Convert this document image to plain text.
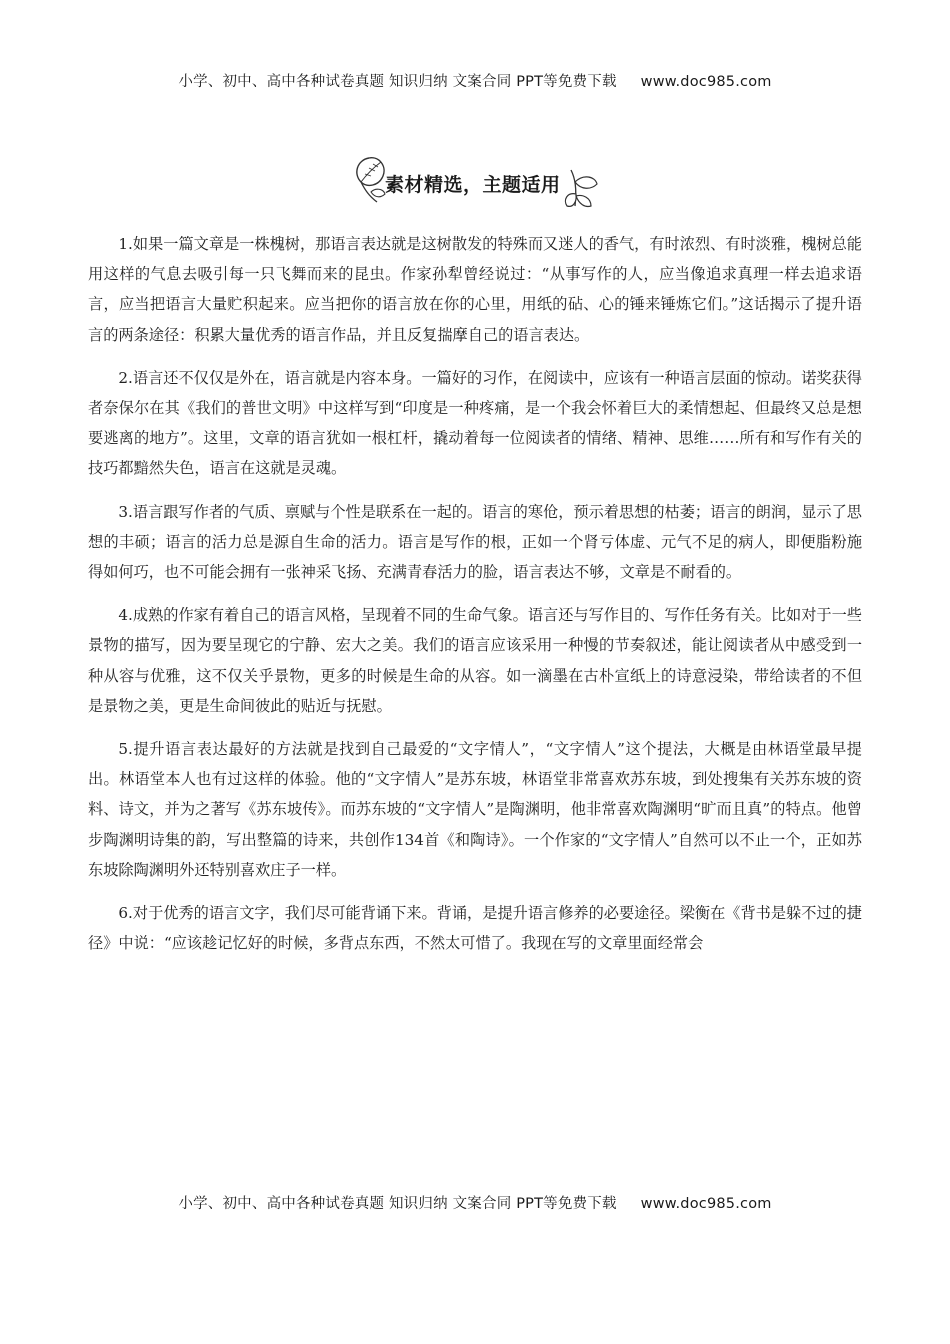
小学、初中、高中各种试卷真题 知识归纳 文案合同 PPT等免费下载 www.doc985.com
素材精选，主题适用

1.如果一篇文章是一株槐树，那语言表达就是这树散发的特殊而又迷人的香气，有时浓烈、有时淡雅，槐树总能用这样的气息去吸引每一只飞舞而来的昆虫。作家孙犁曾经说过：“从事写作的人，应当像追求真理一样去追求语言，应当把语言大量贮积起来。应当把你的语言放在你的心里，用纸的砧、心的锤来锤炼它们。”这话揭示了提升语言的两条途径：积累大量优秀的语言作品，并且反复揣摩自己的语言表达。

2.语言还不仅仅是外在，语言就是内容本身。一篇好的习作，在阅读中，应该有一种语言层面的惊动。诺奖获得者奈保尔在其《我们的普世文明》中这样写到“印度是一种疼痛，是一个我会怀着巨大的柔情想起、但最终又总是想要逃离的地方”。这里，文章的语言犹如一根杠杆，撬动着每一位阅读者的情绪、精神、思维……所有和写作有关的技巧都黯然失色，语言在这就是灵魂。

3.语言跟写作者的气质、禀赋与个性是联系在一起的。语言的寒伧，预示着思想的枯萎；语言的朗润，显示了思想的丰硕；语言的活力总是源自生命的活力。语言是写作的根，正如一个肾亏体虚、元气不足的病人，即便脂粉施得如何巧，也不可能会拥有一张神采飞扬、充满青春活力的脸，语言表达不够，文章是不耐看的。

4.成熟的作家有着自己的语言风格，呈现着不同的生命气象。语言还与写作目的、写作任务有关。比如对于一些景物的描写，因为要呈现它的宁静、宏大之美。我们的语言应该采用一种慢的节奏叙述，能让阅读者从中感受到一种从容与优雅，这不仅关乎景物，更多的时候是生命的从容。如一滴墨在古朴宣纸上的诗意浸染，带给读者的不但是景物之美，更是生命间彼此的贴近与抚慰。

5.提升语言表达最好的方法就是找到自己最爱的“文字情人”，“文字情人”这个提法，大概是由林语堂最早提出。林语堂本人也有过这样的体验。他的“文字情人”是苏东坡，林语堂非常喜欢苏东坡，到处搜集有关苏东坡的资料、诗文，并为之著写《苏东坡传》。而苏东坡的“文字情人”是陶渊明，他非常喜欢陶渊明“旷而且真”的特点。他曾步陶渊明诗集的韵，写出整篇的诗来，共创作134首《和陶诗》。一个作家的“文字情人”自然可以不止一个，正如苏东坡除陶渊明外还特别喜欢庄子一样。

6.对于优秀的语言文字，我们尽可能背诵下来。背诵，是提升语言修养的必要途径。梁衡在《背书是躲不过的捷径》中说：“应该趁记忆好的时候，多背点东西，不然太可惜了。我现在写的文章里面经常会

小学、初中、高中各种试卷真题 知识归纳 文案合同 PPT等免费下载 www.doc985.com
